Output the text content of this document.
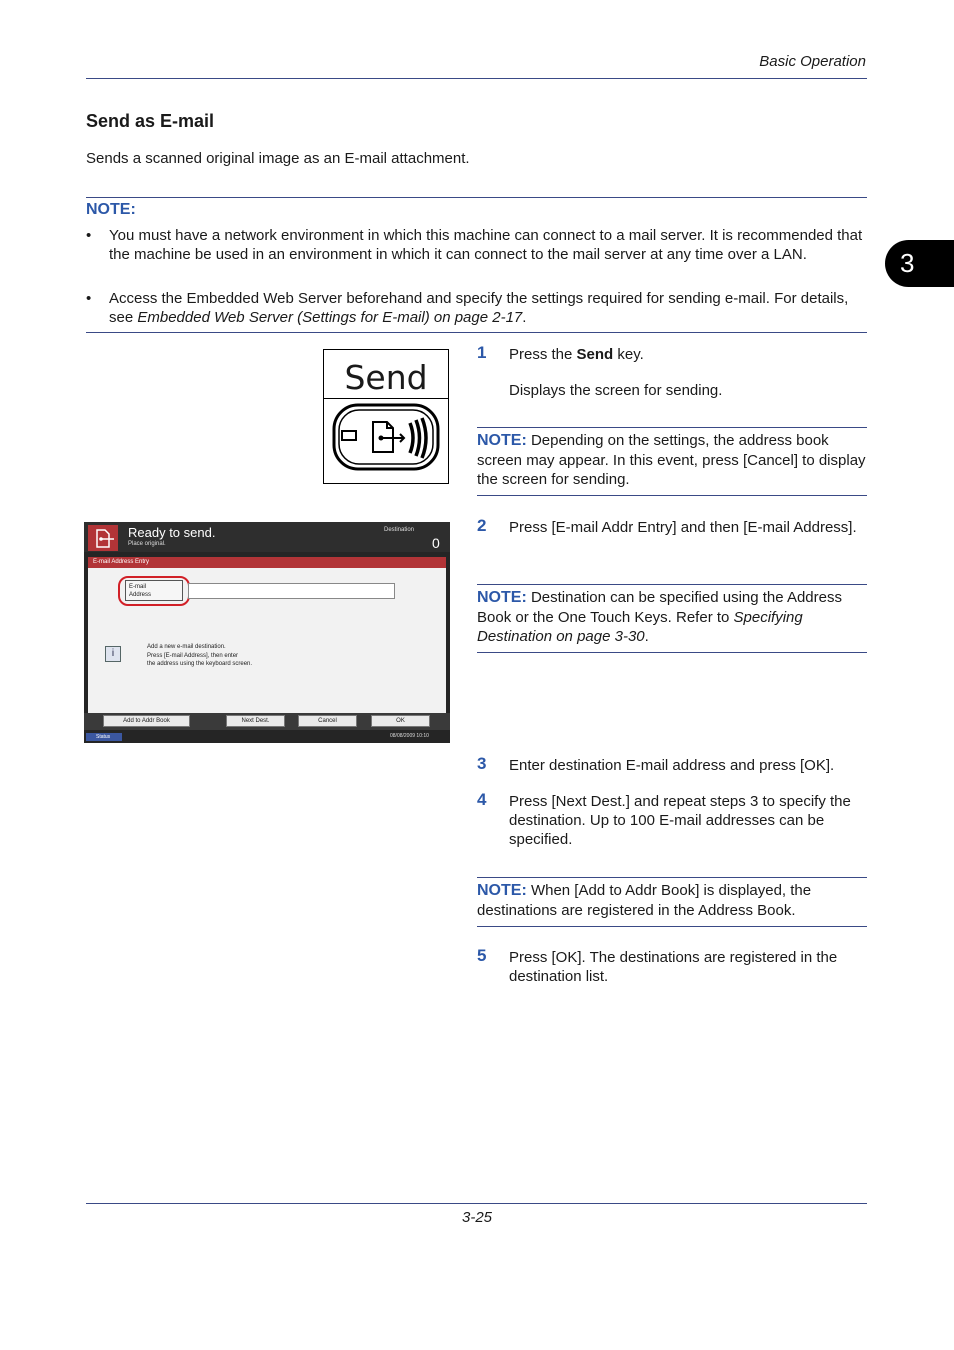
Basic Operation
3
Send as E-mail
Sends a scanned original image as an E-mail attachment.
NOTE:
• You must have a network environment in which this machine can connect to a mail server. It is recommended that the machine be used in an environment in which it can connect to the mail server at any time over a LAN.
• Access the Embedded Web Server beforehand and specify the settings required for sending e-mail. For details, see Embedded Web Server (Settings for E-mail) on page 2-17.
Send
1 Press the Send key.
Displays the screen for sending.
NOTE: Depending on the settings, the address book screen may appear. In this event, press [Cancel] to display the screen for sending.
Ready to send.
Place original.
Destination
0
E-mail Address Entry
E-mail
Address
i
Add a new e-mail destination.
Press [E-mail Address], then enter
the address using the keyboard screen.
Add to Addr Book	Next Dest.	Cancel	OK
Status	08/08/2009 10:10
2 Press [E-mail Addr Entry] and then [E-mail Address].
NOTE: Destination can be specified using the Address Book or the One Touch Keys. Refer to Specifying Destination on page 3-30.
3 Enter destination E-mail address and press [OK].
4 Press [Next Dest.] and repeat steps 3 to specify the destination. Up to 100 E-mail addresses can be specified.
NOTE: When [Add to Addr Book] is displayed, the destinations are registered in the Address Book.
5 Press [OK]. The destinations are registered in the destination list.
3-25
